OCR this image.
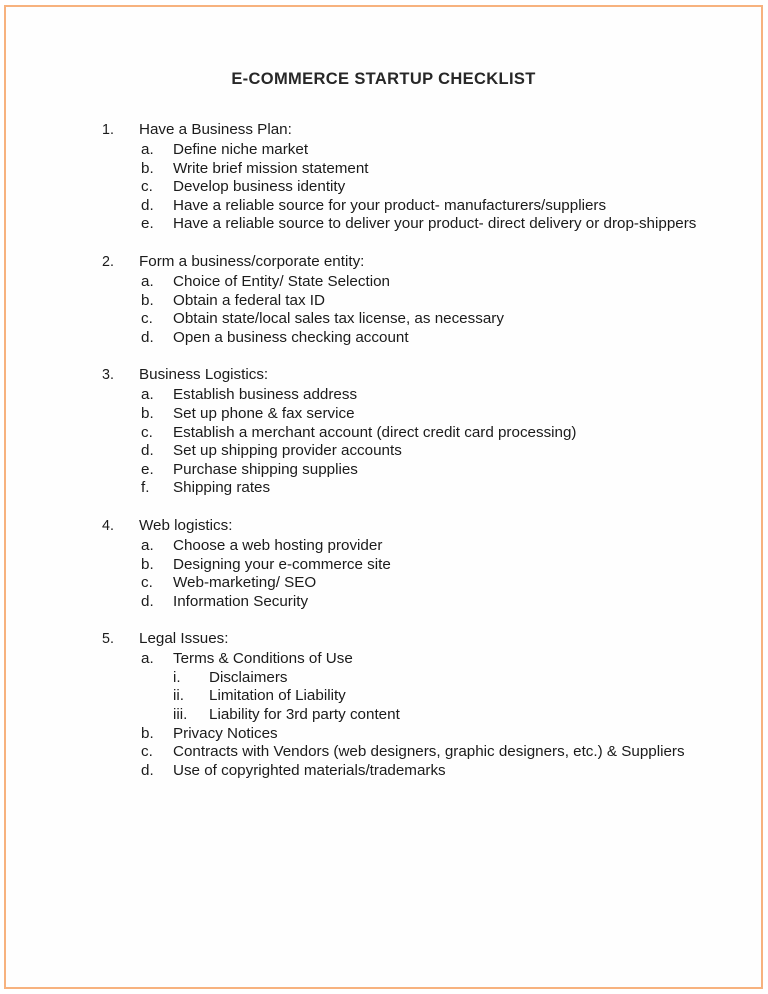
E-COMMERCE STARTUP CHECKLIST
1.	Have a Business Plan:
a.	Define niche market
b.	Write brief mission statement
c.	Develop business identity
d.	Have a reliable source for your product- manufacturers/suppliers
e.	Have a reliable source to deliver your product- direct delivery or drop-shippers
2.	Form a business/corporate entity:
a.	Choice of Entity/ State Selection
b.	Obtain a federal tax ID
c.	Obtain state/local sales tax license, as necessary
d.	Open a business checking account
3.	Business Logistics:
a.	Establish business address
b.	Set up phone & fax service
c.	Establish a merchant account (direct credit card processing)
d.	Set up shipping provider accounts
e.	Purchase shipping supplies
f.	Shipping rates
4.	Web logistics:
a.	Choose a web hosting provider
b.	Designing your e-commerce site
c.	Web-marketing/ SEO
d.	Information Security
5.	Legal Issues:
a.	Terms & Conditions of Use
i.	Disclaimers
ii.	Limitation of Liability
iii.	Liability for 3rd party content
b.	Privacy Notices
c.	Contracts with Vendors (web designers, graphic designers, etc.) & Suppliers
d.	Use of copyrighted materials/trademarks
